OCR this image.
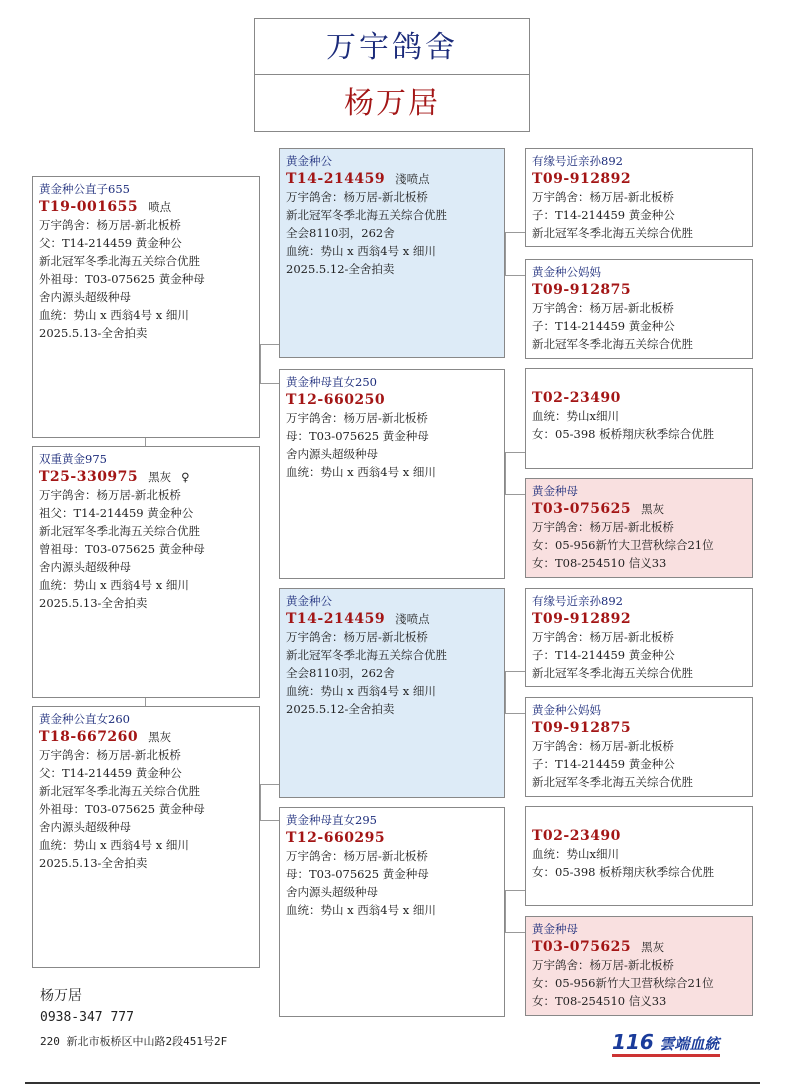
万宇鸽舍
杨万居
黄金种公直子655
T19-001655 喷点
万宇鸽舍：杨万居-新北板桥
父：T14-214459 黄金种公
新北冠军冬季北海五关综合优胜
外祖母：T03-075625 黄金种母
舍内源头超级种母
血统：势山 x 西翁4号 x 细川
2025.5.13-全舍拍卖
双重黄金975
T25-330975 黑灰 ♀
万宇鸽舍：杨万居-新北板桥
祖父：T14-214459 黄金种公
新北冠军冬季北海五关综合优胜
曾祖母：T03-075625 黄金种母
舍内源头超级种母
血统：势山 x 西翁4号 x 细川
2025.5.13-全舍拍卖
黄金种公直女260
T18-667260 黑灰
万宇鸽舍：杨万居-新北板桥
父：T14-214459 黄金种公
新北冠军冬季北海五关综合优胜
外祖母：T03-075625 黄金种母
舍内源头超级种母
血统：势山 x 西翁4号 x 细川
2025.5.13-全舍拍卖
黄金种公
T14-214459 淺喷点
万宇鸽舍：杨万居-新北板桥
新北冠军冬季北海五关综合优胜
全会8110羽，262舍
血统：势山 x 西翁4号 x 细川
2025.5.12-全舍拍卖
黄金种母直女250
T12-660250
万宇鸽舍：杨万居-新北板桥
母：T03-075625 黄金种母
舍内源头超级种母
血统：势山 x 西翁4号 x 细川
黄金种公
T14-214459 淺喷点
万宇鸽舍：杨万居-新北板桥
新北冠军冬季北海五关综合优胜
全会8110羽，262舍
血统：势山 x 西翁4号 x 细川
2025.5.12-全舍拍卖
黄金种母直女295
T12-660295
万宇鸽舍：杨万居-新北板桥
母：T03-075625 黄金种母
舍内源头超级种母
血统：势山 x 西翁4号 x 细川
有缘号近亲孙892
T09-912892
万宇鸽舍：杨万居-新北板桥
子：T14-214459 黄金种公
新北冠军冬季北海五关综合优胜
黄金种公妈妈
T09-912875
万宇鸽舍：杨万居-新北板桥
子：T14-214459 黄金种公
新北冠军冬季北海五关综合优胜
T02-23490
血统：势山x细川
女：05-398 板桥翔庆秋季综合优胜
黄金种母
T03-075625 黑灰
万宇鸽舍：杨万居-新北板桥
女：05-956新竹大卫营秋综合21位
女：T08-254510 信义33
有缘号近亲孙892
T09-912892
万宇鸽舍：杨万居-新北板桥
子：T14-214459 黄金种公
新北冠军冬季北海五关综合优胜
黄金种公妈妈
T09-912875
万宇鸽舍：杨万居-新北板桥
子：T14-214459 黄金种公
新北冠军冬季北海五关综合优胜
T02-23490
血统：势山x细川
女：05-398 板桥翔庆秋季综合优胜
黄金种母
T03-075625 黑灰
万宇鸽舍：杨万居-新北板桥
女：05-956新竹大卫营秋综合21位
女：T08-254510 信义33
杨万居
0938-347 777
220 新北市板桥区中山路2段451号2F	116 雲端血統
